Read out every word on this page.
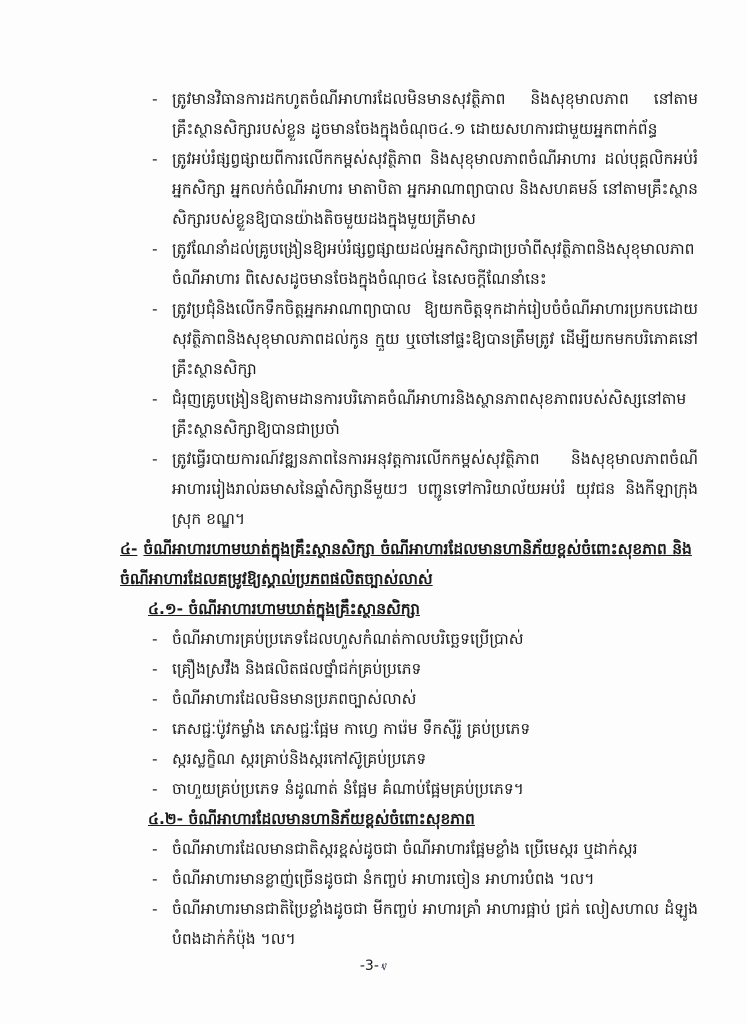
- ត្រូវមានវិធានការដកហូតចំណីអាហារដែលមិនមានសុវត្ថិភាព និងសុខុមាលភាព នៅតាមគ្រឹះស្ថានសិក្សារបស់ខ្លួន ដូចមានចែងក្នុងចំណុច៤.១ ដោយសហការជាមួយអ្នកពាក់ព័ន្ធ

- ត្រូវអប់រំផ្សព្វផ្សាយពីការលើកកម្ពស់សុវត្ថិភាព និងសុខុមាលភាពចំណីអាហារ ដល់បុគ្គលិកអប់រំ អ្នកសិក្សា អ្នកលក់ចំណីអាហារ មាតាបិតា អ្នកអាណាព្យាបាល និងសហគមន៍ នៅតាមគ្រឹះស្ថានសិក្សារបស់ខ្លួនឱ្យបានយ៉ាងតិចមួយដងក្នុងមួយត្រីមាស

- ត្រូវណែនាំដល់គ្រូបង្រៀនឱ្យអប់រំផ្សព្វផ្សាយដល់អ្នកសិក្សាជាប្រចាំពីសុវត្ថិភាពនិងសុខុមាលភាពចំណីអាហារ ពិសេសដូចមានចែងក្នុងចំណុច៤ នៃសេចក្តីណែនាំនេះ

- ត្រូវប្រជុំនិងលើកទឹកចិត្តអ្នកអាណាព្យាបាល ឱ្យយកចិត្តទុកដាក់រៀបចំចំណីអាហារប្រកបដោយសុវត្ថិភាពនិងសុខុមាលភាពដល់កូន ក្មួយ ឬចៅនៅផ្ទះឱ្យបានត្រឹមត្រូវ ដើម្បីយកមកបរិភោគនៅគ្រឹះស្ថានសិក្សា

- ជំរុញគ្រូបង្រៀនឱ្យតាមដានការបរិភោគចំណីអាហារនិងស្ថានភាពសុខភាពរបស់សិស្សនៅតាមគ្រឹះស្ថានសិក្សាឱ្យបានជាប្រចាំ

- ត្រូវធ្វើរបាយការណ៍វឌ្ឍនភាពនៃការអនុវត្តការលើកកម្ពស់សុវត្ថិភាព និងសុខុមាលភាពចំណីអាហាររៀងរាល់ឆមាសនៃឆ្នាំសិក្សានីមួយៗ បញ្ជូនទៅការិយាល័យអប់រំ យុវជន និងកីឡាក្រុង ស្រុក ខណ្ឌ។

៤- ចំណីអាហារហាមឃាត់ក្នុងគ្រឹះស្ថានសិក្សា ចំណីអាហារដែលមានហានិភ័យខ្ពស់ចំពោះសុខភាព និងចំណីអាហារដែលគម្រូវឱ្យស្គាល់ប្រភពផលិតច្បាស់លាស់

៤.១- ចំណីអាហារហាមឃាត់ក្នុងគ្រឹះស្ថានសិក្សា

- ចំណីអាហារគ្រប់ប្រភេទដែលហួសកំណត់កាលបរិច្ឆេទប្រើប្រាស់

- គ្រឿងស្រវឹង និងផលិតផលថ្នាំជក់គ្រប់ប្រភេទ

- ចំណីអាហារដែលមិនមានប្រភពច្បាស់លាស់

- ភេសជ្ជៈប៉ូវកម្លាំង ភេសជ្ជៈផ្អែម កាហ្វេ ការ៉េម ទឹកស៊ីរ៉ូ គ្រប់ប្រភេទ

- ស្ករស្លក្ខិណ ស្ករគ្រាប់និងស្ករកៅស៊ូគ្រប់ប្រភេទ

- ចាហួយគ្រប់ប្រភេទ នំដូណាត់ នំផ្អែម គំណាប់ផ្អែមគ្រប់ប្រភេទ។

៤.២- ចំណីអាហារដែលមានហានិភ័យខ្ពស់ចំពោះសុខភាព

- ចំណីអាហារដែលមានជាតិស្ករខ្ពស់ដូចជា ចំណីអាហារផ្អែមខ្លាំង ប្រើមេស្ករ ឬដាក់ស្ករ

- ចំណីអាហារមានខ្លាញ់ច្រើនដូចជា នំកញ្ចប់ អាហារចៀន អាហារបំពង ។ល។

- ចំណីអាហារមានជាតិប្រៃខ្លាំងដូចជា មីកញ្ចប់ អាហារគ្រាំ អាហារផ្អាប់ ជ្រក់ លៀសហាល ដំឡូងបំពងដាក់កំប៉ុង ។ល។

-3-ⱴ
